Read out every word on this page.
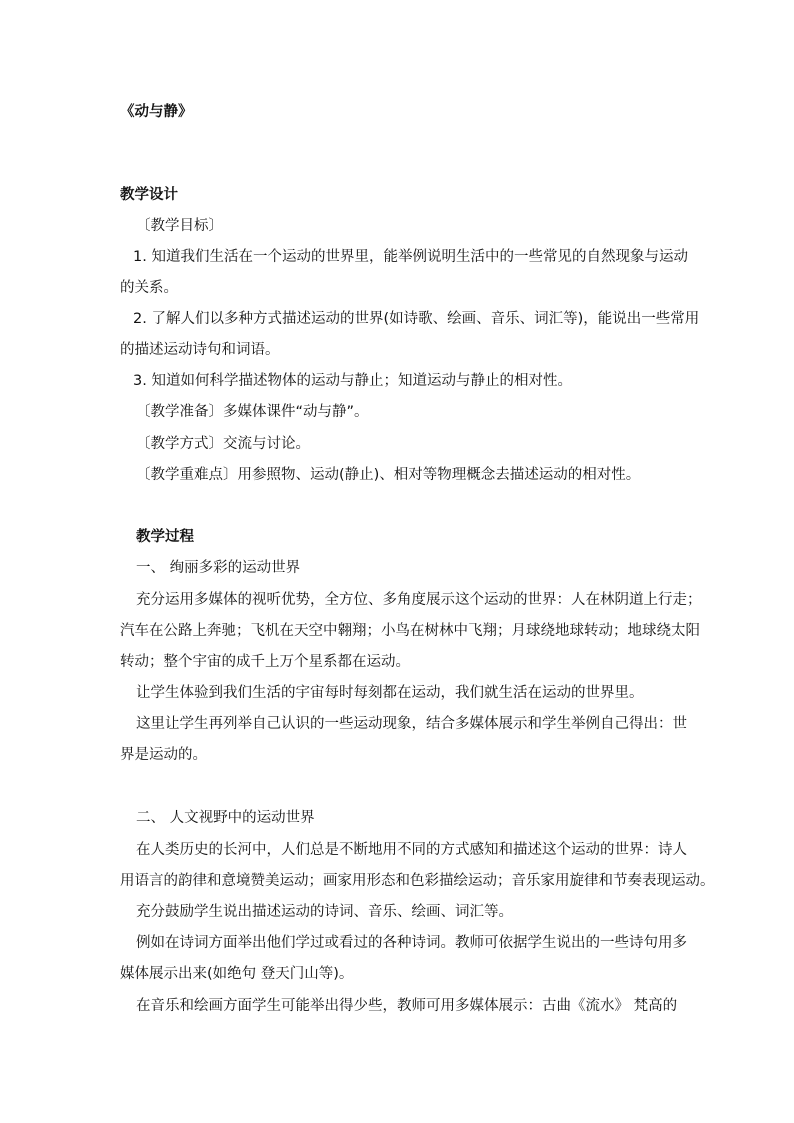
《动与静》
教学设计
〔教学目标〕
1. 知道我们生活在一个运动的世界里，能举例说明生活中的一些常见的自然现象与运动
的关系。
2. 了解人们以多种方式描述运动的世界(如诗歌、绘画、音乐、词汇等)，能说出一些常用
的描述运动诗句和词语。
3. 知道如何科学描述物体的运动与静止；知道运动与静止的相对性。
〔教学准备〕多媒体课件“动与静”。
〔教学方式〕交流与讨论。
〔教学重难点〕用参照物、运动(静止)、相对等物理概念去描述运动的相对性。
教学过程
一、 绚丽多彩的运动世界
充分运用多媒体的视听优势，全方位、多角度展示这个运动的世界：人在林阴道上行走；
汽车在公路上奔驰；飞机在天空中翱翔；小鸟在树林中飞翔；月球绕地球转动；地球绕太阳
转动；整个宇宙的成千上万个星系都在运动。
让学生体验到我们生活的宇宙每时每刻都在运动，我们就生活在运动的世界里。
这里让学生再列举自己认识的一些运动现象，结合多媒体展示和学生举例自己得出：世
界是运动的。
二、 人文视野中的运动世界
在人类历史的长河中，人们总是不断地用不同的方式感知和描述这个运动的世界：诗人
用语言的韵律和意境赞美运动；画家用形态和色彩描绘运动；音乐家用旋律和节奏表现运动。
充分鼓励学生说出描述运动的诗词、音乐、绘画、词汇等。
例如在诗词方面举出他们学过或看过的各种诗词。教师可依据学生说出的一些诗句用多
媒体展示出来(如绝句 登天门山等)。
在音乐和绘画方面学生可能举出得少些，教师可用多媒体展示：古曲《流水》 梵高的
